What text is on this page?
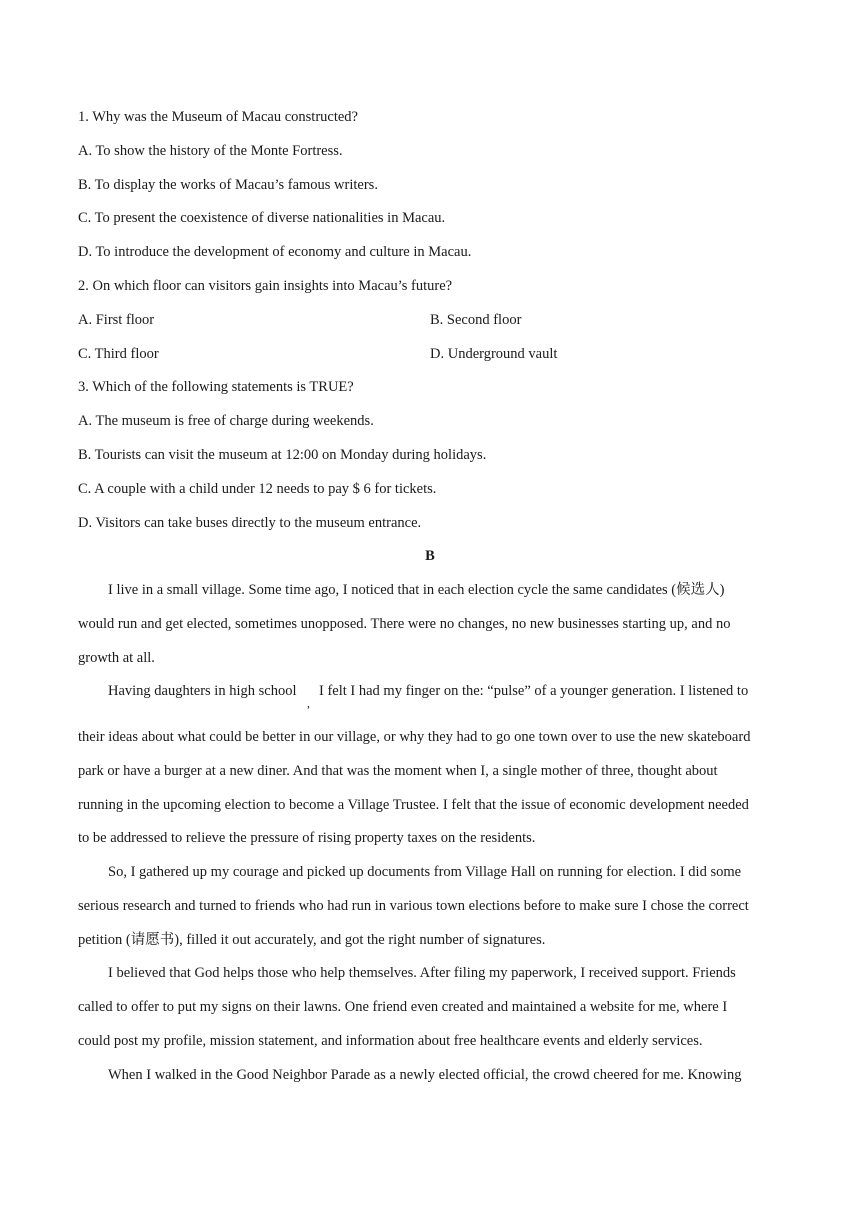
1. Why was the Museum of Macau constructed?
A. To show the history of the Monte Fortress.
B. To display the works of Macau’s famous writers.
C. To present the coexistence of diverse nationalities in Macau.
D. To introduce the development of economy and culture in Macau.
2. On which floor can visitors gain insights into Macau’s future?
A. First floor	B. Second floor
C. Third floor	D. Underground vault
3. Which of the following statements is TRUE?
A. The museum is free of charge during weekends.
B. Tourists can visit the museum at 12:00 on Monday during holidays.
C. A couple with a child under 12 needs to pay $ 6 for tickets.
D. Visitors can take buses directly to the museum entrance.
B
I live in a small village. Some time ago, I noticed that in each election cycle the same candidates (候选人)
would run and get elected, sometimes unopposed. There were no changes, no new businesses starting up, and no
growth at all.
Having daughters in high school
,
I felt I had my finger on the: “pulse” of a younger generation. I listened to
their ideas about what could be better in our village, or why they had to go one town over to use the new skateboard
park or have a burger at a new diner. And that was the moment when I, a single mother of three, thought about
running in the upcoming election to become a Village Trustee. I felt that the issue of economic development needed
to be addressed to relieve the pressure of rising property taxes on the residents.
So, I gathered up my courage and picked up documents from Village Hall on running for election. I did some
serious research and turned to friends who had run in various town elections before to make sure I chose the correct
petition (请愿书), filled it out accurately, and got the right number of signatures.
I believed that God helps those who help themselves. After filing my paperwork, I received support. Friends
called to offer to put my signs on their lawns. One friend even created and maintained a website for me, where I
could post my profile, mission statement, and information about free healthcare events and elderly services.
When I walked in the Good Neighbor Parade as a newly elected official, the crowd cheered for me. Knowing
